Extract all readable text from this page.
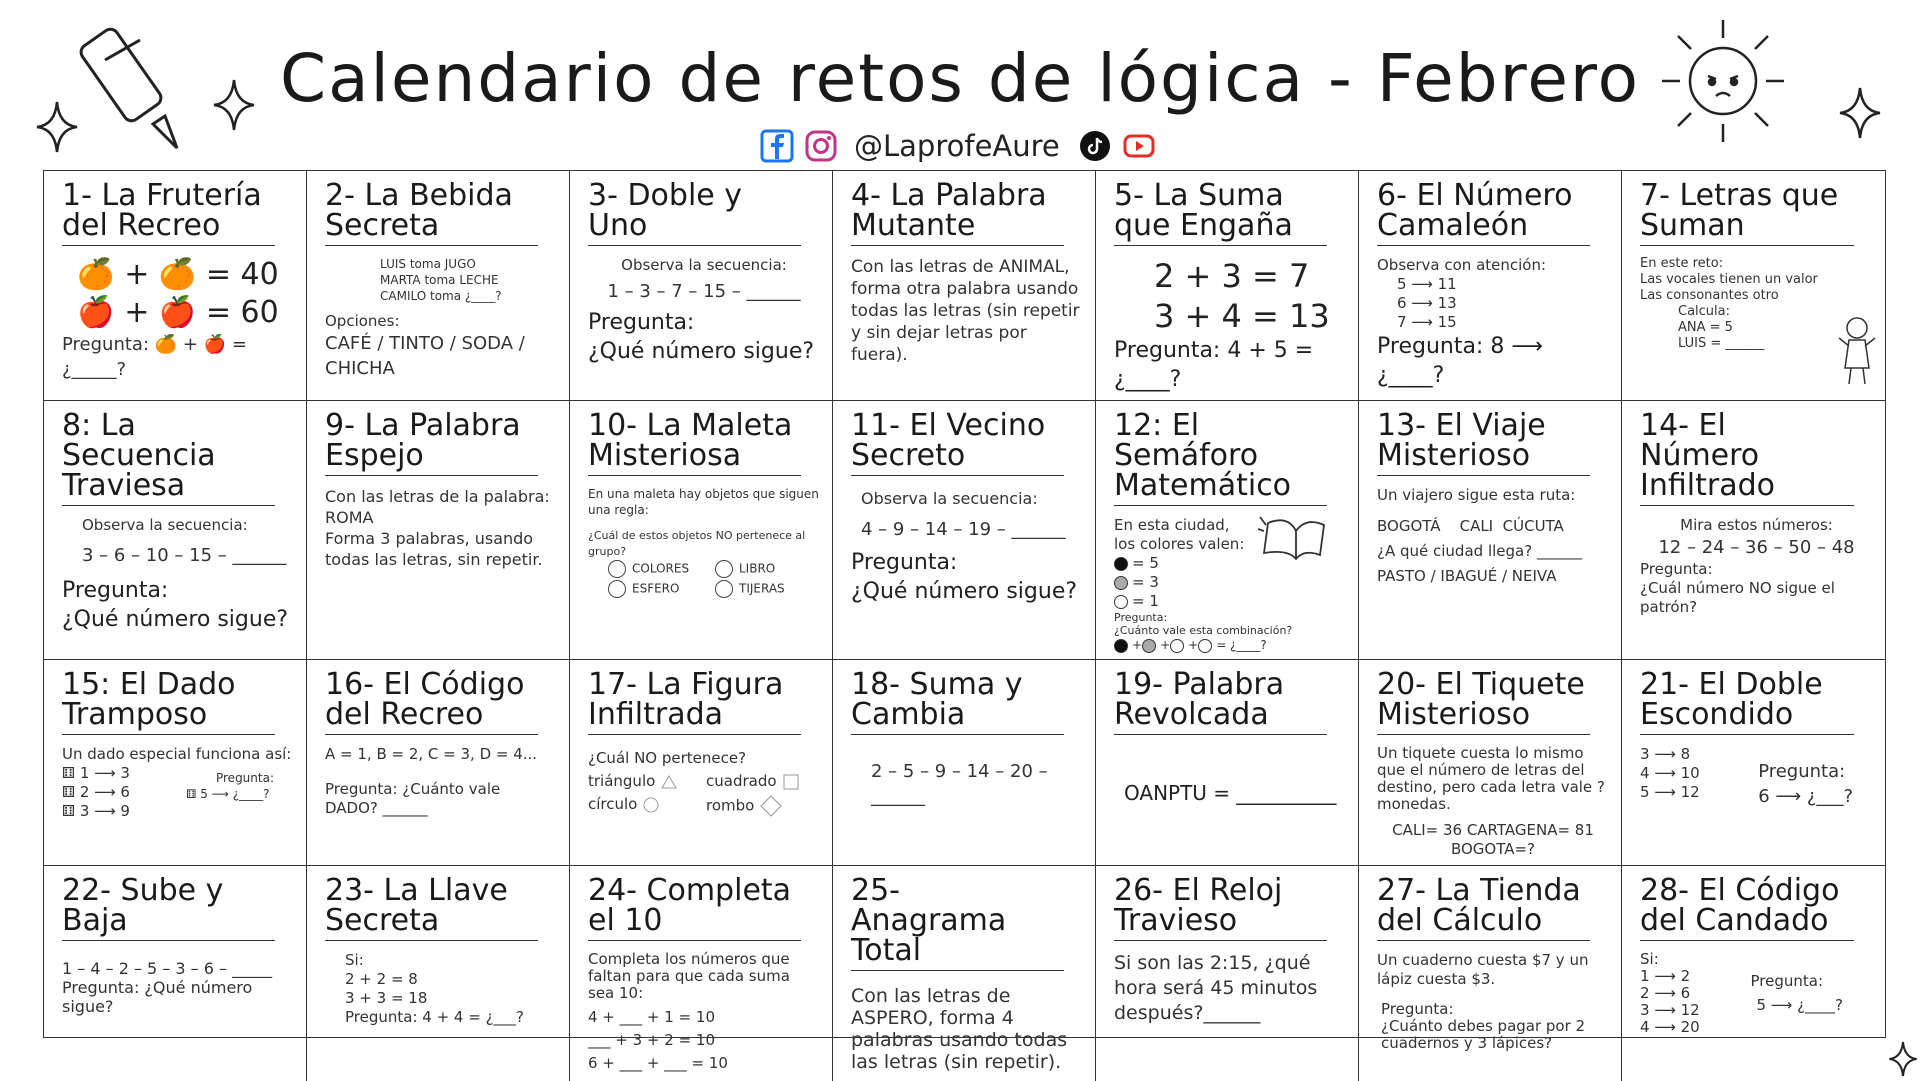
Calendario de retos de lógica - Febrero
@LaprofeAure
1- La Frutería
del Recreo
🍊 + 🍊 = 40
🍎 + 🍎 = 60
Pregunta: 🍊 + 🍎 = ¿_____?
2- La Bebida
Secreta
LUIS toma JUGO
MARTA toma LECHE
CAMILO toma ¿____?
Opciones:
CAFÉ / TINTO / SODA / CHICHA
3- Doble y
Uno
Observa la secuencia:
1 – 3 – 7 – 15 – ______
Pregunta:
¿Qué número sigue?
4- La Palabra
Mutante
Con las letras de ANIMAL, forma otra palabra usando todas las letras (sin repetir y sin dejar letras por fuera).
5- La Suma
que Engaña
2 + 3 = 7
3 + 4 = 13
Pregunta: 4 + 5 = ¿____?
6- El Número
Camaleón
Observa con atención:
5 ⟶ 11
6 ⟶ 13
7 ⟶ 15
Pregunta: 8 ⟶ ¿____?
7- Letras que
Suman
En este reto:
Las vocales tienen un valor
Las consonantes otro
Calcula:
ANA = 5
LUIS = ______
8: La Secuencia
Traviesa
Observa la secuencia:
3 – 6 – 10 – 15 – ______
Pregunta:
¿Qué número sigue?
9- La Palabra
Espejo
Con las letras de la palabra:
ROMA
Forma 3 palabras, usando todas las letras, sin repetir.
10- La Maleta
Misteriosa
En una maleta hay objetos que siguen una regla:
¿Cuál de estos objetos NO pertenece al grupo?
COLORES	LIBRO
ESFERO	TIJERAS
11- El Vecino
Secreto
Observa la secuencia:
4 – 9 – 14 – 19 – ______
Pregunta:
¿Qué número sigue?
12: El Semáforo
Matemático
En esta ciudad, los colores valen:
= 5
= 3
= 1
Pregunta:
¿Cuánto vale esta combinación?
+ + + = ¿____?
13- El Viaje
Misterioso
Un viajero sigue esta ruta:
BOGOTÁ    CALI  CÚCUTA
¿A qué ciudad llega? ______
PASTO / IBAGUÉ / NEIVA
14- El Número
Infiltrado
Mira estos números:
12 – 24 – 36 – 50 – 48
Pregunta:
¿Cuál número NO sigue el patrón?
15: El Dado
Tramposo
Un dado especial funciona así:
⚅ 1 ⟶ 3
⚅ 2 ⟶ 6
⚅ 3 ⟶ 9
Pregunta:
⚅ 5 ⟶ ¿____?
16- El Código
del Recreo
A = 1, B = 2, C = 3, D = 4...
Pregunta: ¿Cuánto vale DADO? ______
17- La Figura
Infiltrada
¿Cuál NO pertenece?
triángulo	cuadrado
círculo	rombo
18- Suma y
Cambia
2 – 5 – 9 – 14 – 20 –
______
19- Palabra
Revolcada
OANPTU = __________
20- El Tiquete
Misterioso
Un tiquete cuesta lo mismo que el número de letras del destino, pero cada letra vale ? monedas.
CALI= 36 CARTAGENA= 81
BOGOTA=?
21- El Doble
Escondido
3 ⟶ 8
4 ⟶ 10
5 ⟶ 12
Pregunta:
6 ⟶ ¿___?
22- Sube y
Baja
1 – 4 – 2 – 5 – 3 – 6 – _____
Pregunta: ¿Qué número sigue?
23- La Llave
Secreta
Si:
2 + 2 = 8
3 + 3 = 18
Pregunta: 4 + 4 = ¿___?
24- Completa
el 10
Completa los números que faltan para que cada suma sea 10:
4 + ___ + 1 = 10
___ + 3 + 2 = 10
6 + ___ + ___ = 10
25- Anagrama
Total
Con las letras de ASPERO, forma 4 palabras usando todas las letras (sin repetir).
26- El Reloj
Travieso
Si son las 2:15, ¿qué hora será 45 minutos después?______
27- La Tienda
del Cálculo
Un cuaderno cuesta $7 y un lápiz cuesta $3.
Pregunta:
¿Cuánto debes pagar por 2 cuadernos y 3 lápices?
28- El Código
del Candado
Si:
1 ⟶ 2
2 ⟶ 6
3 ⟶ 12
4 ⟶ 20
Pregunta:
5 ⟶ ¿____?
